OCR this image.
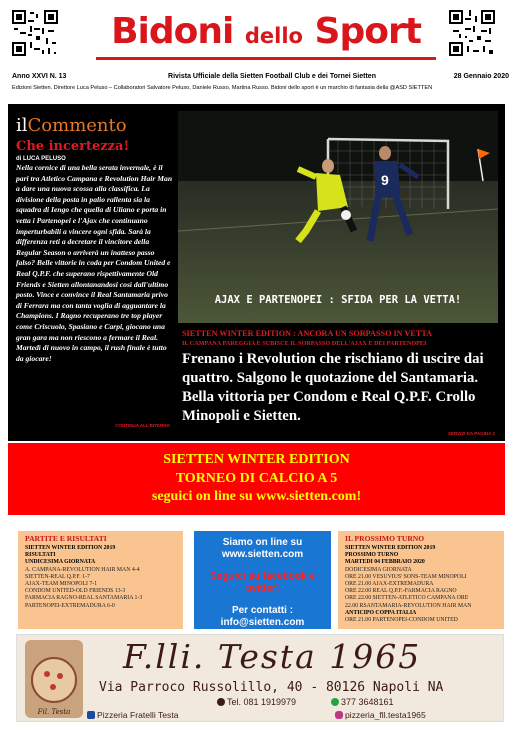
Bidoni dello Sport
Anno XXVI N. 13	Rivista Ufficiale della Sietten Football Club e dei Tornei Sietten	28 Gennaio 2020
Edizioni Sietten. Direttore Luca Peluso – Collaboratori Salvatore Peluso, Daniele Russo, Martina Russo. Bidoni dello sport è un marchio di fantasia della @ASD SIETTEN
ilCommento
Che incertezza!
di LUCA PELUSO
Nella cornice di una bella serata invernale, è il pari tra Atletico Campana e Revolution Hair Man a dare una nuova scossa alla classifica. La divisione della posta in palio rallenta sia la squadra di Iengo che quella di Uliano e porta in vetta i Partenopei e l'Ajax che continuano imperturbabili a vincere ogni sfida. Sarà la differenza reti a decretare il vincitore della Regular Season o arriverà un inatteso passo falso? Belle vittorie in coda per Condom United e Real Q.P.F. che superano rispettivamente Old Friends e Sietten allontanandosi così dall'ultimo posto. Vince e convince il Real Santamaria privo di Ferrara ma con tanta voglia di agguantare la Champions. I Ragno recuperano tre top player come Criscuolo, Spasiano e Carpi, giocano una gran gara ma non riescono a fermare il Real. Martedì di nuovo in campo, il rush finale è tutto da giocare!
CONTINUA ALL'INTERNO
9
AJAX E PARTENOPEI : SFIDA PER LA VETTA!
SIETTEN WINTER EDITION : ANCORA UN SORPASSO IN VETTA
IL CAMPANA PAREGGIA E SUBISCE IL SORPASSO DELL'AJAX E DEI PARTENOPEI
Frenano i Revolution che rischiano di uscire dai quattro. Salgono le quotazione del Santamaria. Bella vittoria per Condom e Real Q.P.F. Crollo Minopoli e Sietten.
SERVIZI DA PAGINA 2
SIETTEN WINTER EDITION
TORNEO DI CALCIO A 5
seguici on line su www.sietten.com!
PARTITE E RISULTATI
SIETTEN WINTER EDITION 2019
RISULTATI
UNDICESIMA GIORNATA
A. CAMPANA-REVOLUTION HAIR MAN 4-4
SIETTEN-REAL Q.P.F. 1-7
AJAX-TEAM MINOPOLI 7-1
CONDOM UNITED-OLD FRIENDS 13-3
FARMACIA RAGNO-REAL SANTAMARIA 1-3
PARTENOPEI-EXTREMADURA 6-0
Siamo on line su
www.sietten.com
Seguici su facebook e
twitter!
Per contatti :
info@sietten.com
IL PROSSIMO TURNO
SIETTEN WINTER EDITION 2019
PROSSIMO TURNO
MARTEDI 04 FEBBRAIO 2020
DODICESIMA GIORNATA
ORE 21.00 VESUVIUS' SONS-TEAM MINOPOLI
ORE 21.00 AJAX-EXTREMADURA
ORE 22.00 REAL Q.P.F.-FARMACIA RAGNO
ORE 22.00 SIETTEN-ATLETICO CAMPANA ORE
22.00 RSANTAMARIA-REVOLUTION HAIR MAN
ANTICIPO COPPA ITALIA
ORE 21.00 PARTENOPEI-CONDOM UNITED
Fil. Testa
F.lli. Testa 1965
Via Parroco Russolillo, 40 - 80126 Napoli NA
Tel. 081 1919979	377 3648161
Pizzeria Fratelli Testa	pizzeria_fll.testa1965
